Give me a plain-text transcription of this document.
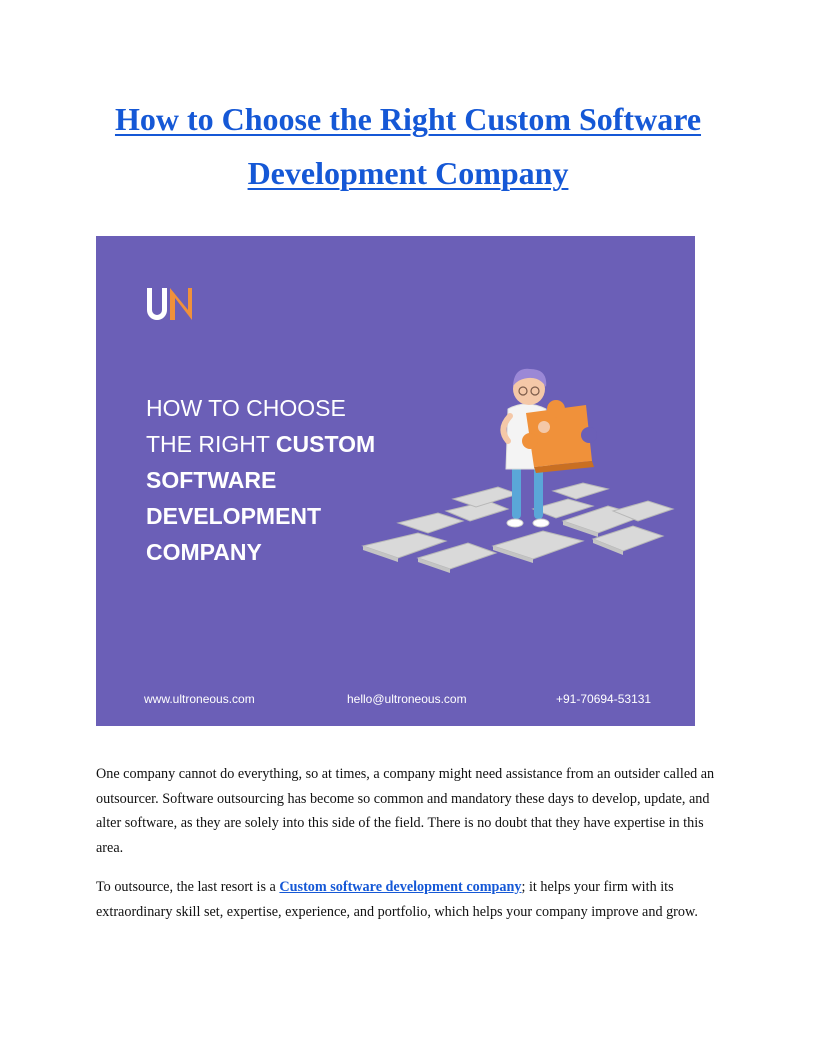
How to Choose the Right Custom Software
Development Company
HOW TO CHOOSE
THE RIGHT CUSTOM
SOFTWARE
DEVELOPMENT
COMPANY
www.ultroneous.com	hello@ultroneous.com	+91-70694-53131

One company cannot do everything, so at times, a company might need assistance from an outsider called an outsourcer. Software outsourcing has become so common and mandatory these days to develop, update, and alter software, as they are solely into this side of the field. There is no doubt that they have expertise in this area.

To outsource, the last resort is a Custom software development company; it helps your firm with its extraordinary skill set, expertise, experience, and portfolio, which helps your company improve and grow.
